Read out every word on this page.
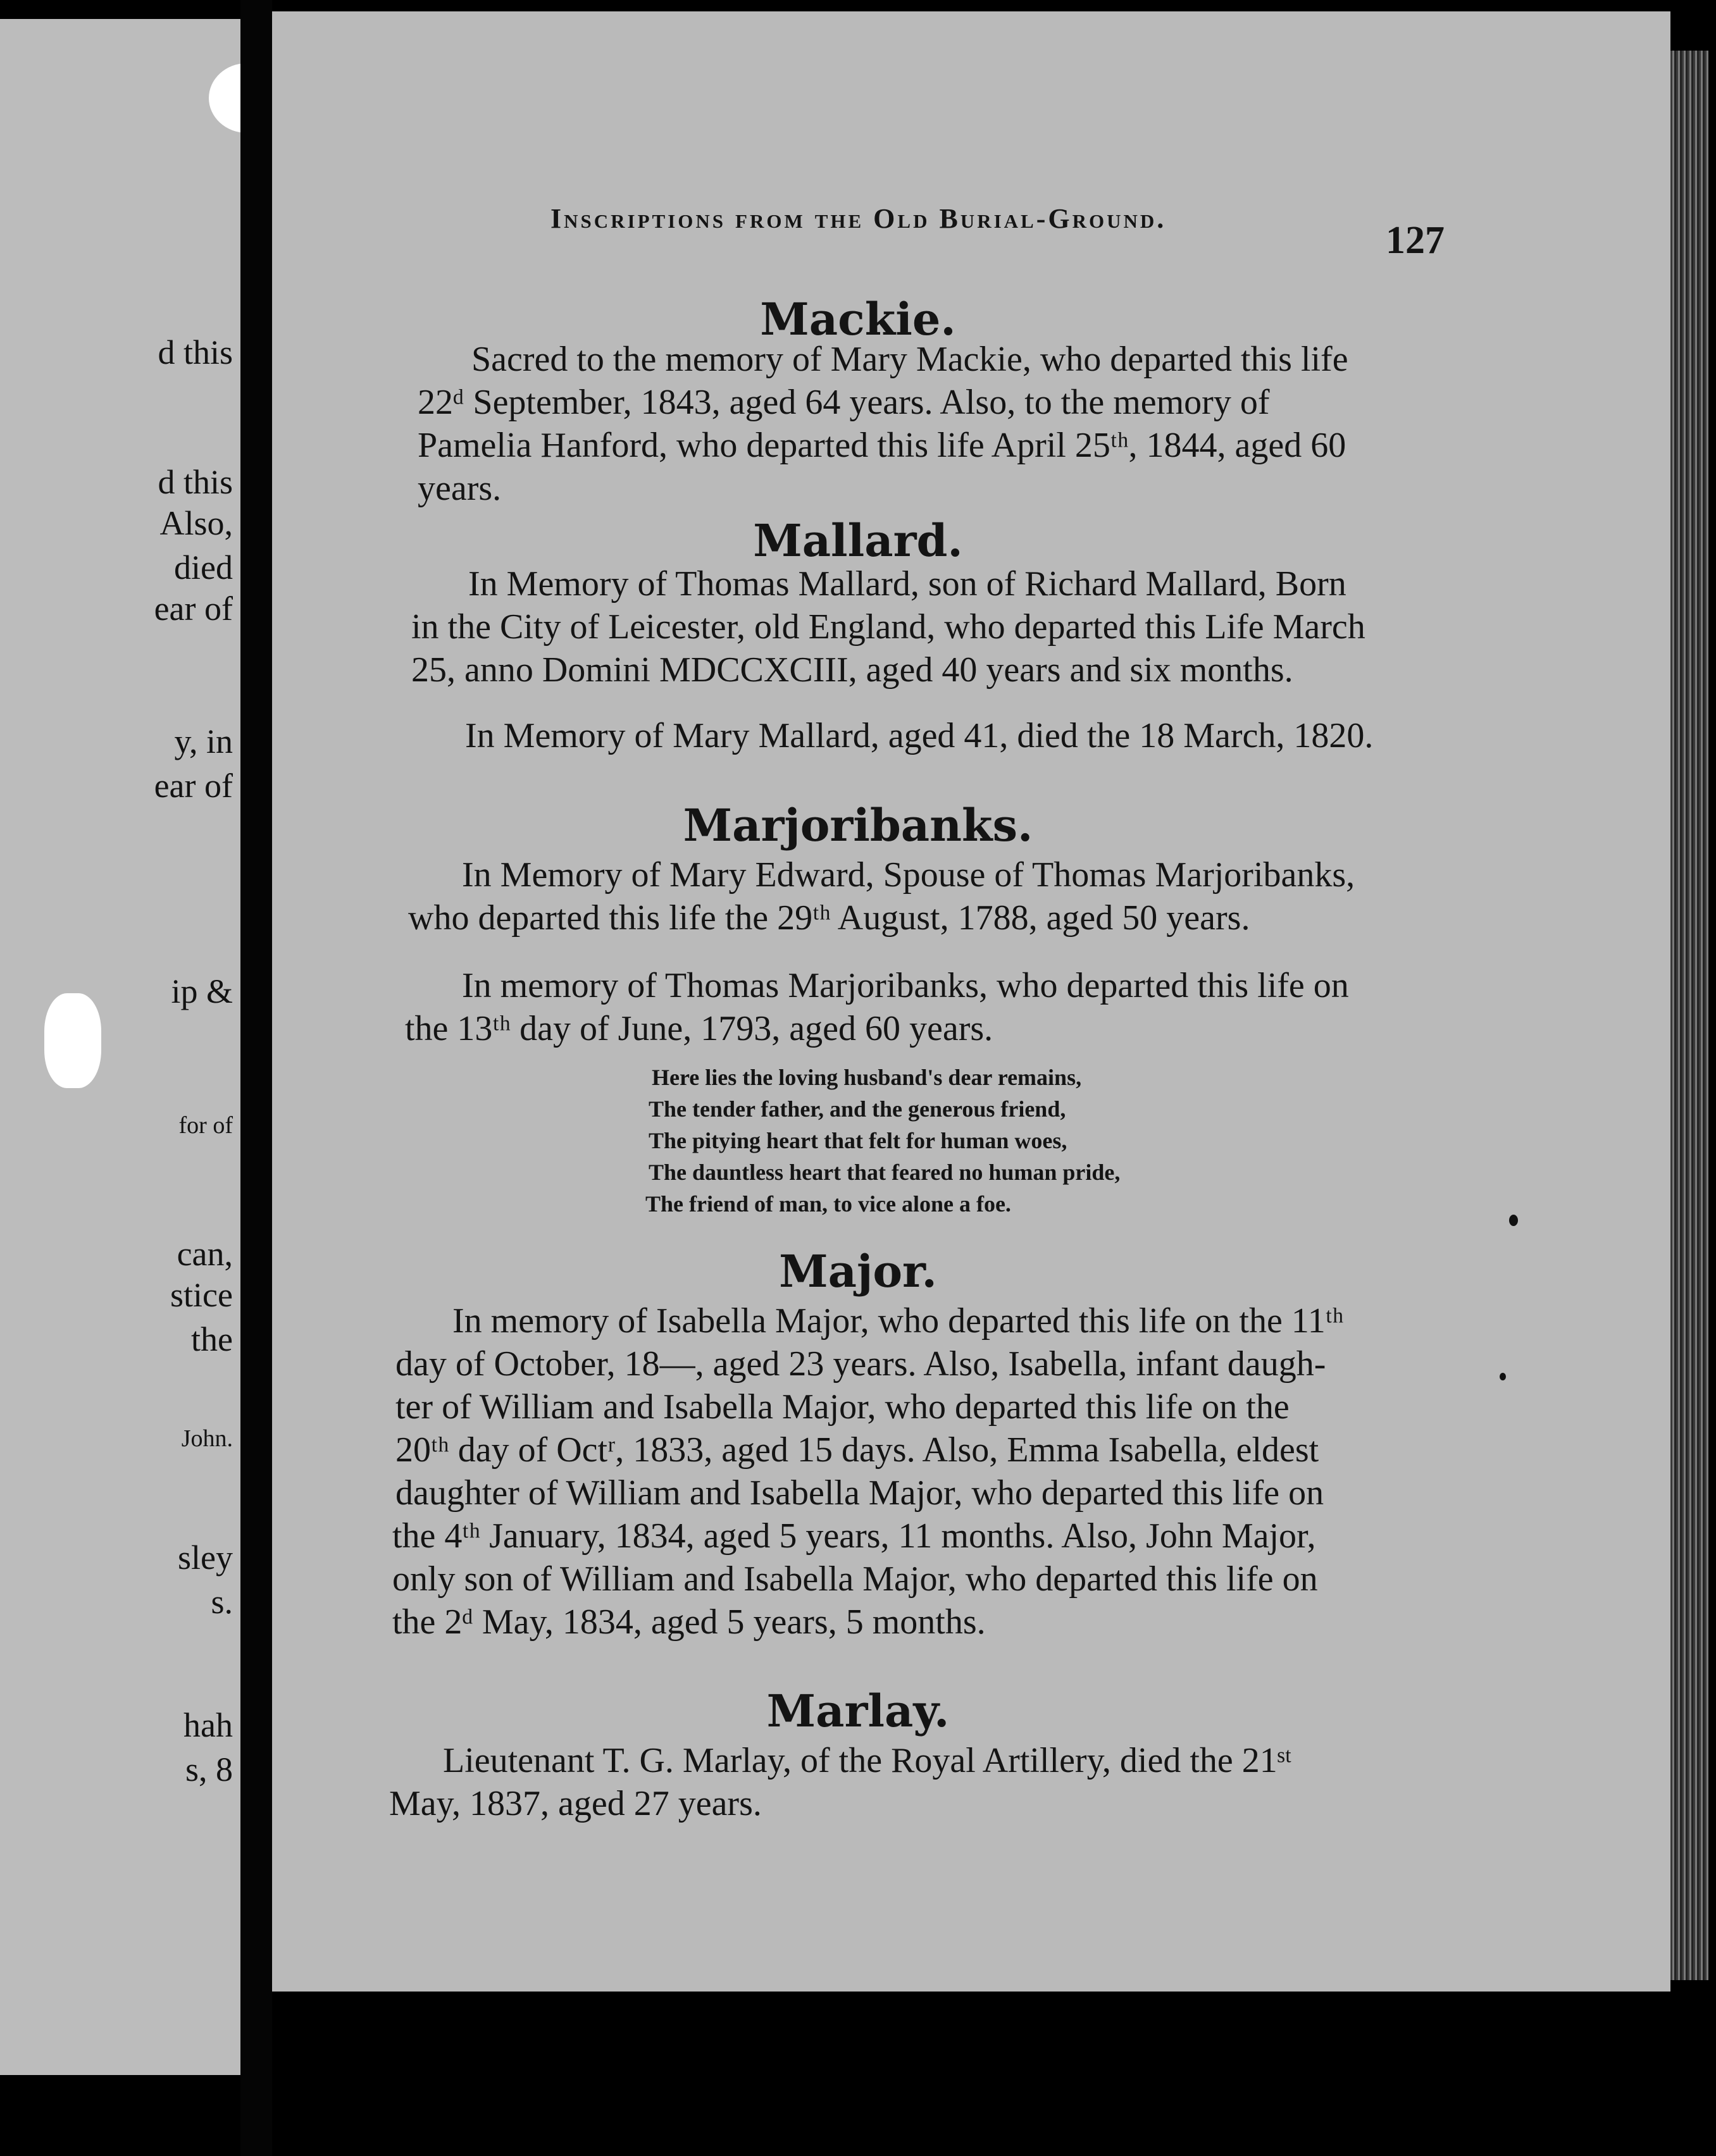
d this
d this
Also,
died
ear of
y, in
ear of
ip &
for of
can,
stice
the
John.
sley
s.
hah
s, 8
Inscriptions from the Old Burial-Ground.
127
Mackie.
Sacred to the memory of Mary Mackie, who departed this life
22ᵈ September, 1843, aged 64 years. Also, to the memory of
Pamelia Hanford, who departed this life April 25ᵗʰ, 1844, aged 60
years.
Mallard.
In Memory of Thomas Mallard, son of Richard Mallard, Born
in the City of Leicester, old England, who departed this Life March
25, anno Domini MDCCXCIII, aged 40 years and six months.
In Memory of Mary Mallard, aged 41, died the 18 March, 1820.
Marjoribanks.
In Memory of Mary Edward, Spouse of Thomas Marjoribanks,
who departed this life the 29ᵗʰ August, 1788, aged 50 years.
In memory of Thomas Marjoribanks, who departed this life on
the 13ᵗʰ day of June, 1793, aged 60 years.
Here lies the loving husband's dear remains,
The tender father, and the generous friend,
The pitying heart that felt for human woes,
The dauntless heart that feared no human pride,
The friend of man, to vice alone a foe.
Major.
In memory of Isabella Major, who departed this life on the 11ᵗʰ
day of October, 18—, aged 23 years. Also, Isabella, infant daugh-
ter of William and Isabella Major, who departed this life on the
20ᵗʰ day of Octʳ, 1833, aged 15 days. Also, Emma Isabella, eldest
daughter of William and Isabella Major, who departed this life on
the 4ᵗʰ January, 1834, aged 5 years, 11 months. Also, John Major,
only son of William and Isabella Major, who departed this life on
the 2ᵈ May, 1834, aged 5 years, 5 months.
Marlay.
Lieutenant T. G. Marlay, of the Royal Artillery, died the 21ˢᵗ
May, 1837, aged 27 years.
